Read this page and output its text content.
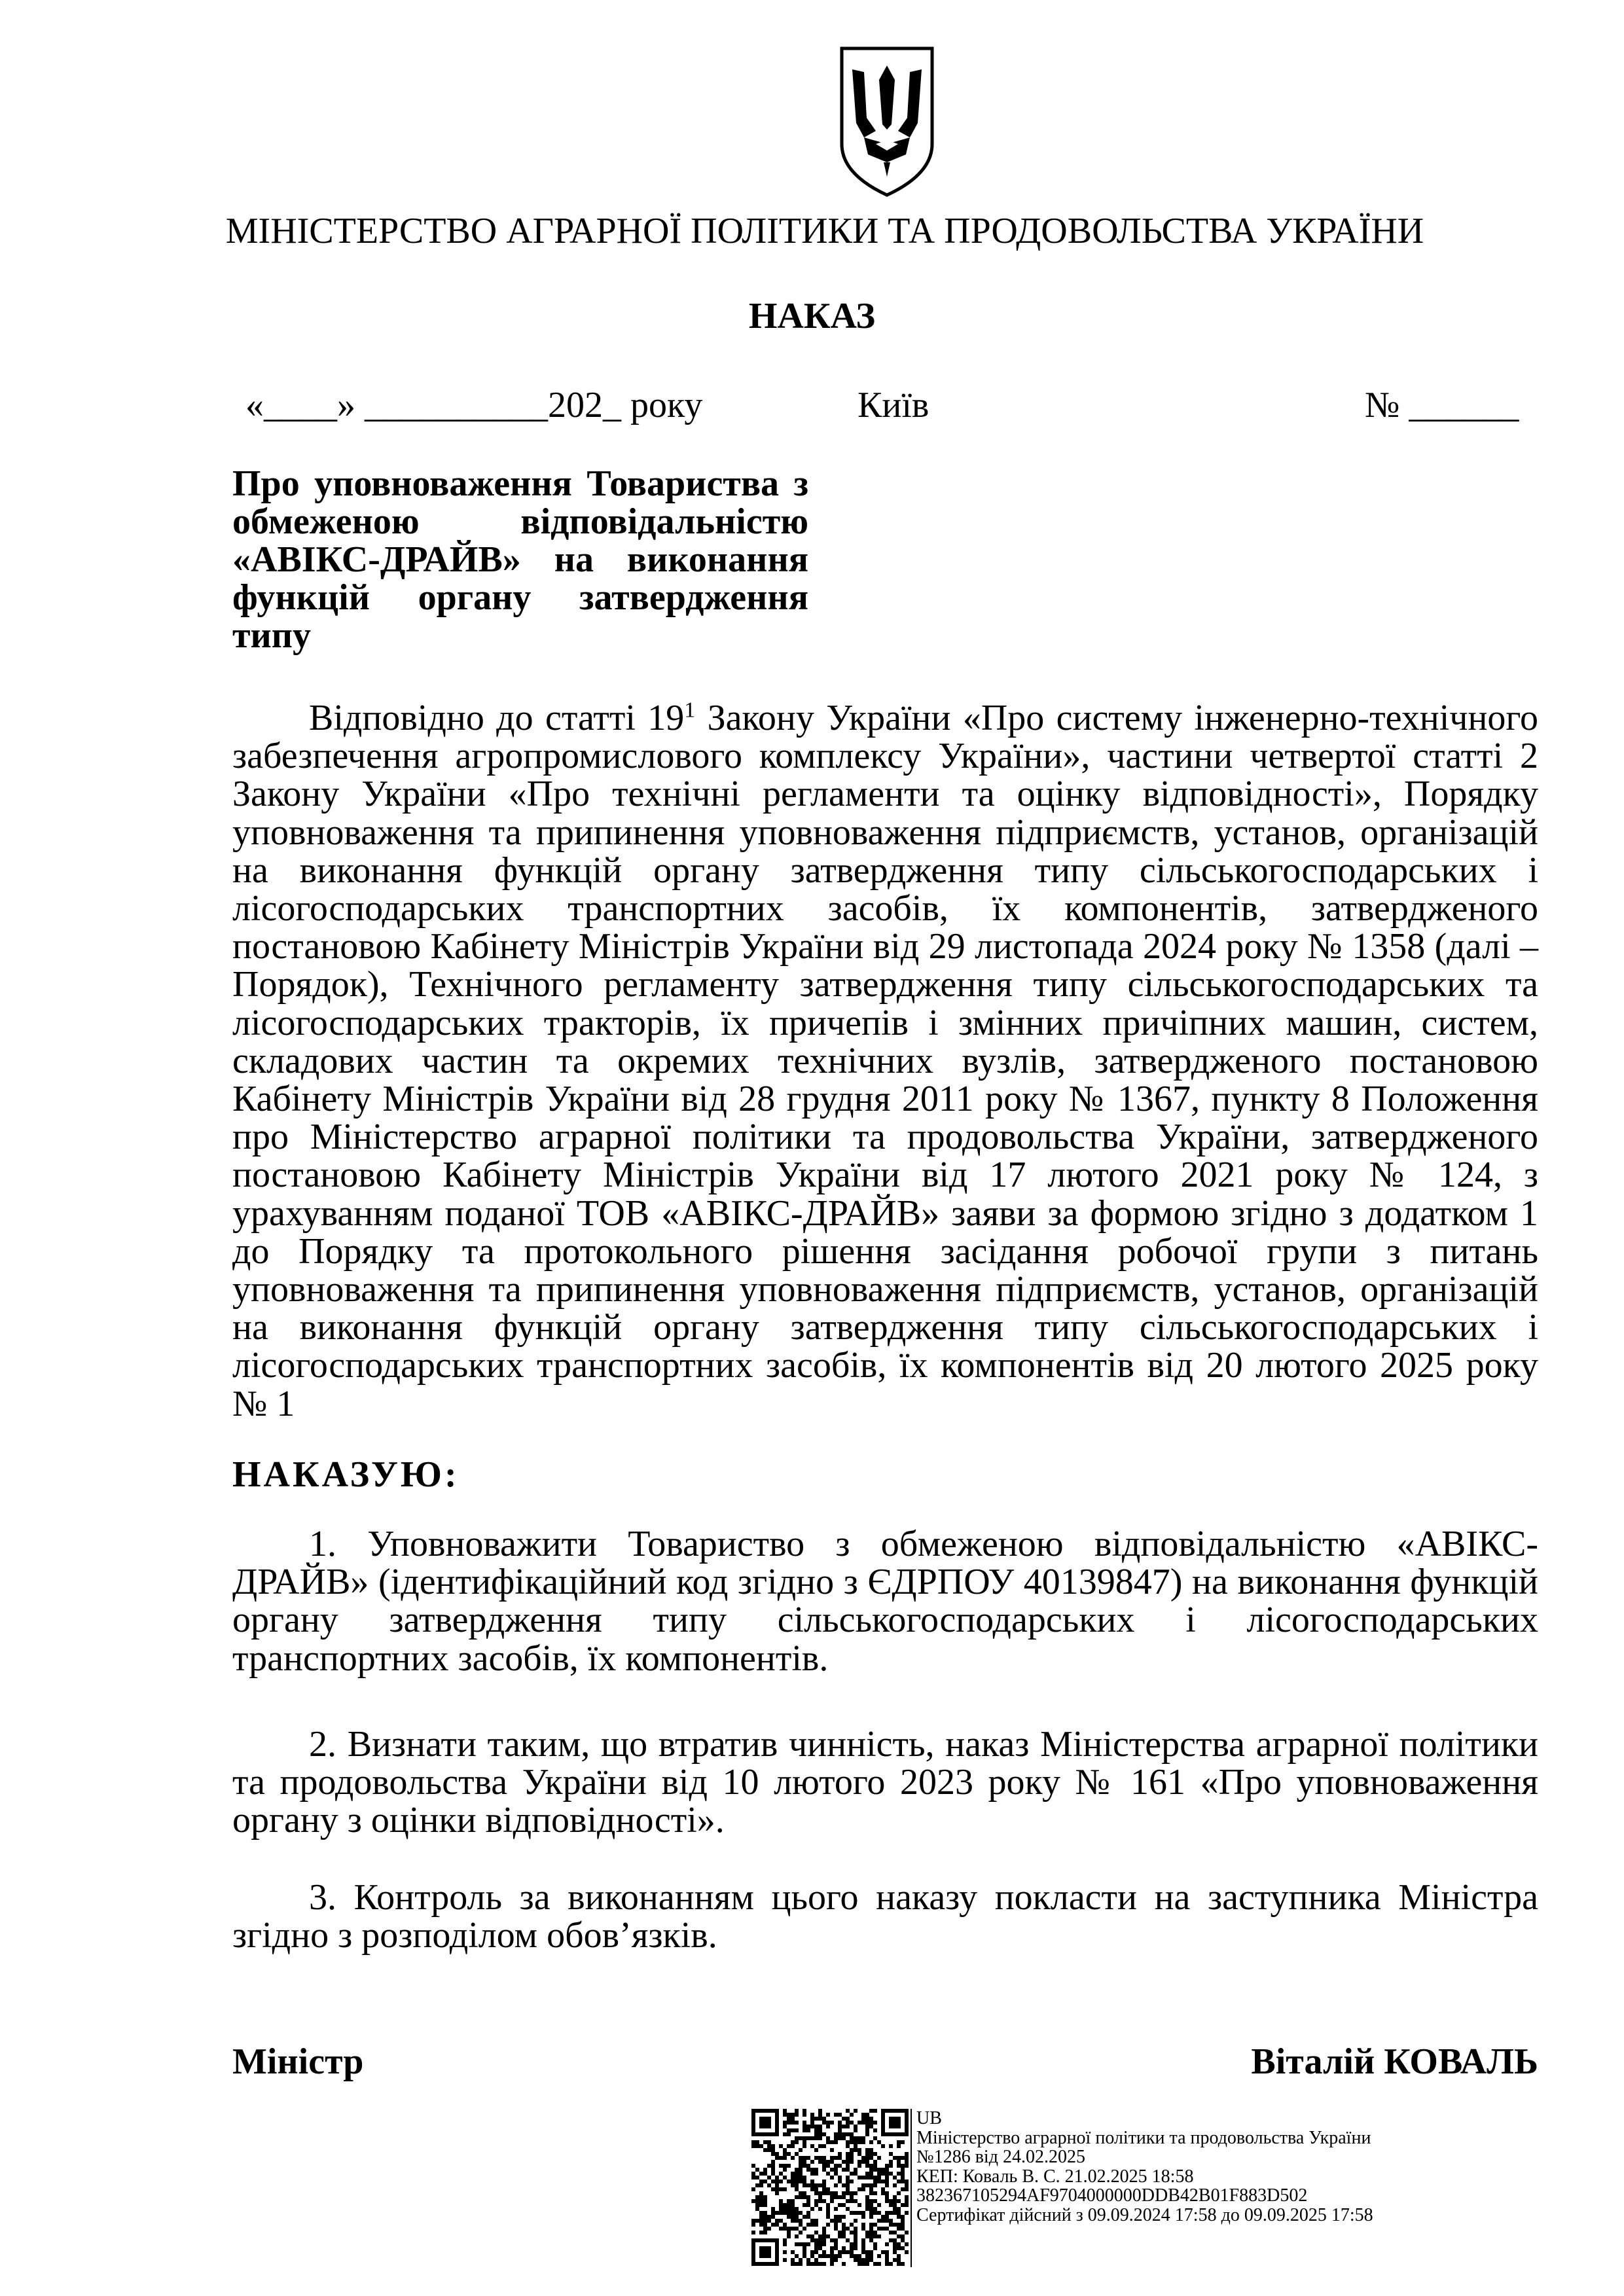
МІНІСТЕРСТВО АГРАРНОЇ ПОЛІТИКИ ТА ПРОДОВОЛЬСТВА УКРАЇНИ
НАКАЗ
«____» __________202_ року	Київ	№ ______
Про уповноваження Товариства з обмеженою відповідальністю «АВІКС-ДРАЙВ» на виконання функцій органу затвердження типу

Відповідно до статті $19^1$ Закону України «Про систему інженерно-технічного забезпечення агропромислового комплексу України», частини четвертої статті 2 Закону України «Про технічні регламенти та оцінку відповідності», Порядку уповноваження та припинення уповноваження підприємств, установ, організацій на виконання функцій органу затвердження типу сільськогосподарських і лісогосподарських транспортних засобів, їх компонентів, затвердженого постановою Кабінету Міністрів України від 29 листопада 2024 року № 1358 (далі – Порядок), Технічного регламенту затвердження типу сільськогосподарських та лісогосподарських тракторів, їх причепів і змінних причіпних машин, систем, складових частин та окремих технічних вузлів, затвердженого постановою Кабінету Міністрів України від 28 грудня 2011 року № 1367, пункту 8 Положення про Міністерство аграрної політики та продовольства України, затвердженого постановою Кабінету Міністрів України від 17 лютого 2021 року № 124, з урахуванням поданої ТОВ «АВІКС-ДРАЙВ» заяви за формою згідно з додатком 1 до Порядку та протокольного рішення засідання робочої групи з питань уповноваження та припинення уповноваження підприємств, установ, організацій на виконання функцій органу затвердження типу сільськогосподарських і лісогосподарських транспортних засобів, їх компонентів від 20 лютого 2025 року № 1

НАКАЗУЮ:

1. Уповноважити Товариство з обмеженою відповідальністю «АВІКС-ДРАЙВ» (ідентифікаційний код згідно з ЄДРПОУ 40139847) на виконання функцій органу затвердження типу сільськогосподарських і лісогосподарських транспортних засобів, їх компонентів.

2. Визнати таким, що втратив чинність, наказ Міністерства аграрної політики та продовольства України від 10 лютого 2023 року № 161 «Про уповноваження органу з оцінки відповідності».

3. Контроль за виконанням цього наказу покласти на заступника Міністра згідно з розподілом обов’язків.

Міністр	Віталій КОВАЛЬ
UB
Міністерство аграрної політики та продовольства України
№1286 від 24.02.2025
КЕП: Коваль В. С. 21.02.2025 18:58
382367105294AF9704000000DDB42B01F883D502
Сертифікат дійсний з 09.09.2024 17:58 до 09.09.2025 17:58
